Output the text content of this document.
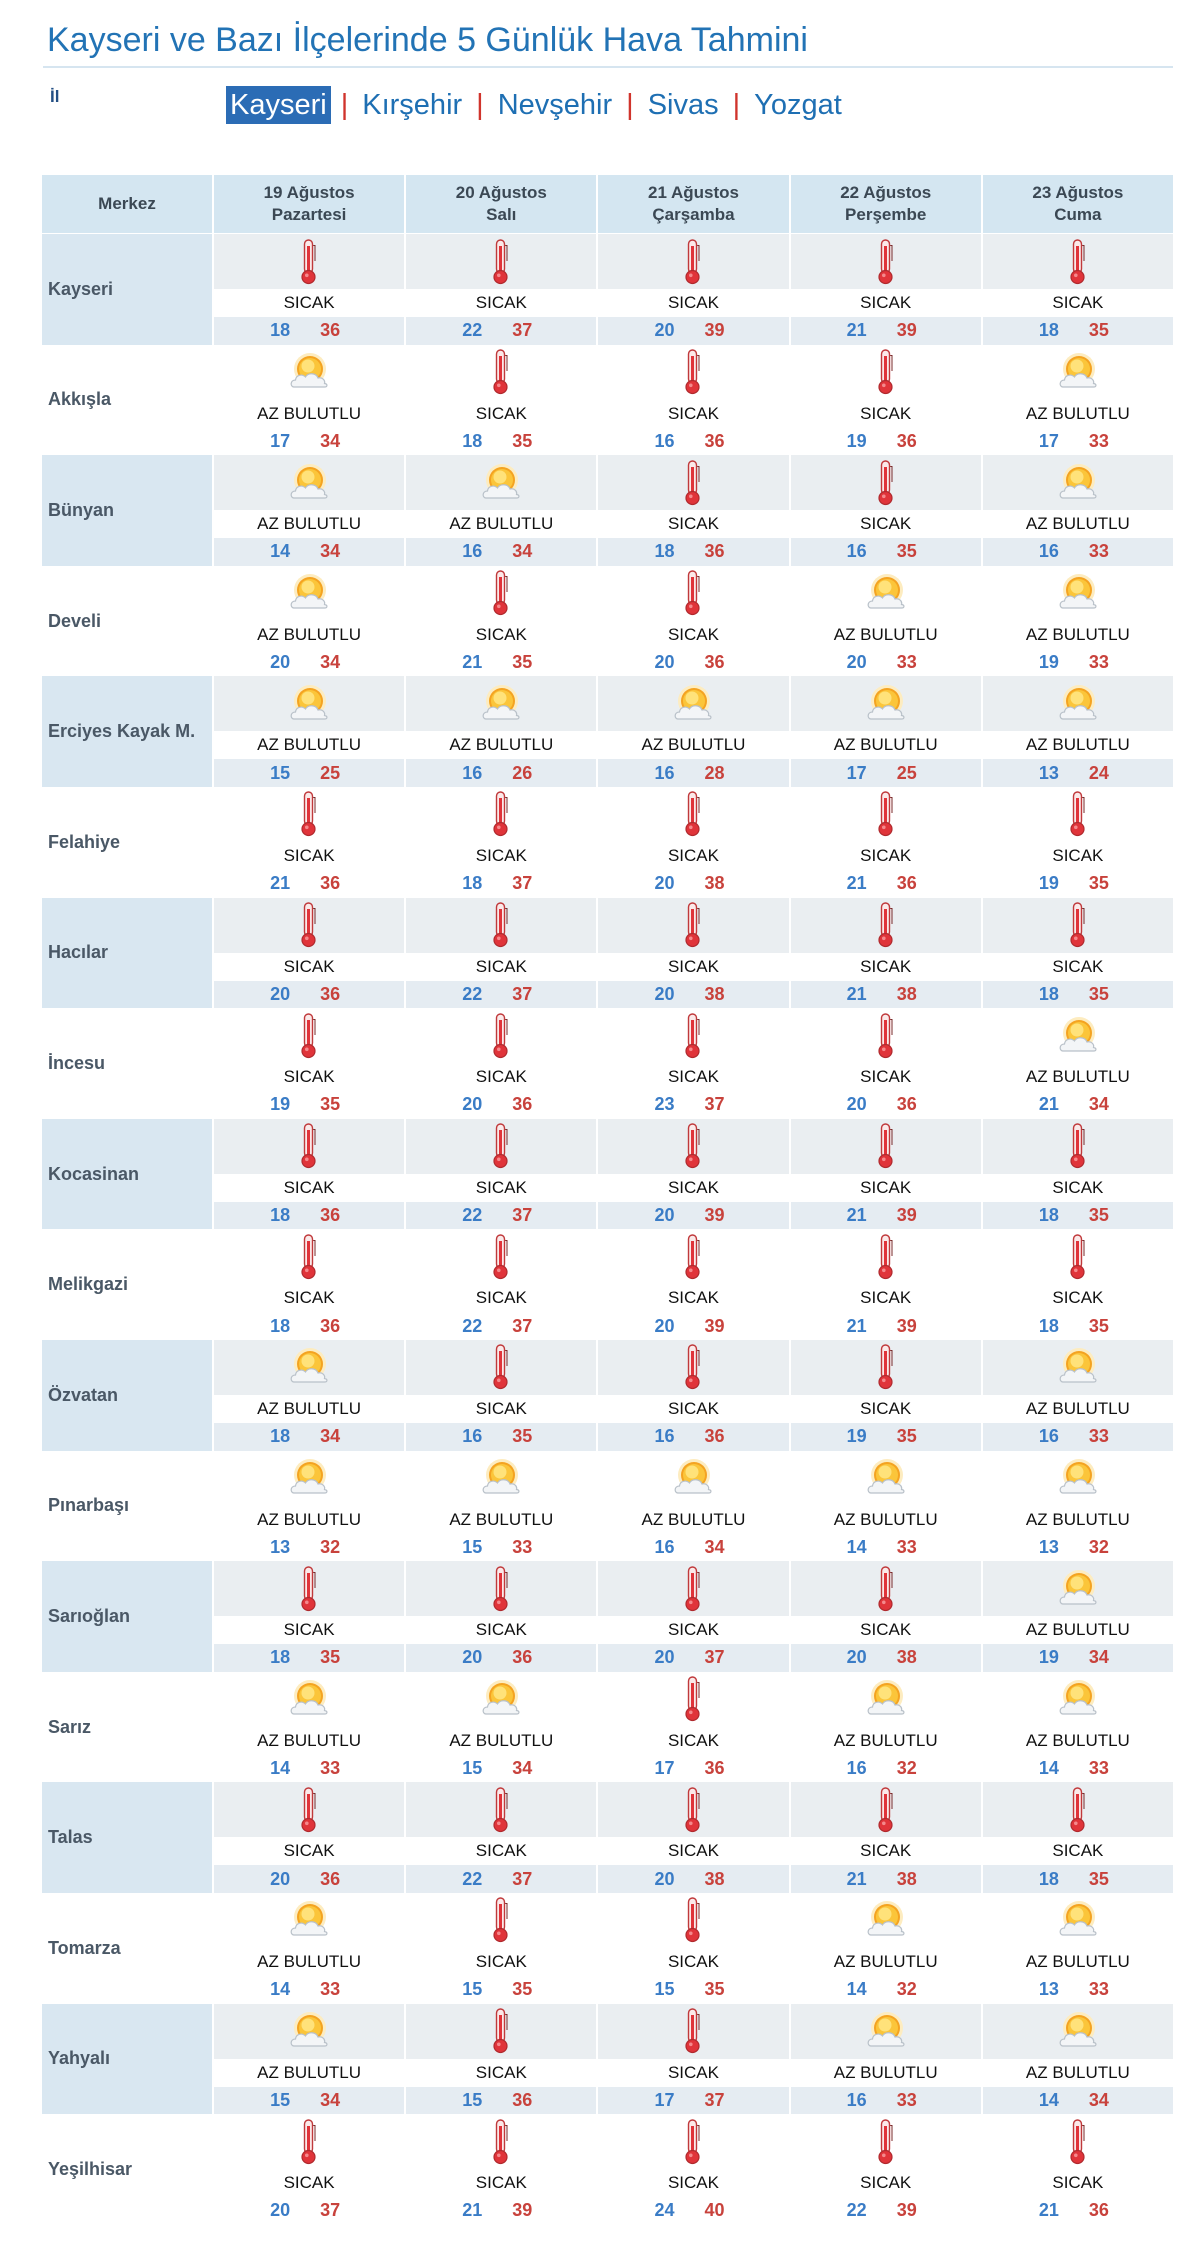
Kayseri ve Bazı İlçelerinde 5 Günlük Hava Tahmini
İl	Kayseri | Kırşehir | Nevşehir | Sivas | Yozgat
Merkez
19 Ağustos
Pazartesi
20 Ağustos
Salı
21 Ağustos
Çarşamba
22 Ağustos
Perşembe
23 Ağustos
Cuma
Kayseri
SICAK
18 36
SICAK
22 37
SICAK
20 39
SICAK
21 39
SICAK
18 35
Akkışla
AZ BULUTLU
17 34
SICAK
18 35
SICAK
16 36
SICAK
19 36
AZ BULUTLU
17 33
Bünyan
AZ BULUTLU
14 34
AZ BULUTLU
16 34
SICAK
18 36
SICAK
16 35
AZ BULUTLU
16 33
Develi
AZ BULUTLU
20 34
SICAK
21 35
SICAK
20 36
AZ BULUTLU
20 33
AZ BULUTLU
19 33
Erciyes Kayak M.
AZ BULUTLU
15 25
AZ BULUTLU
16 26
AZ BULUTLU
16 28
AZ BULUTLU
17 25
AZ BULUTLU
13 24
Felahiye
SICAK
21 36
SICAK
18 37
SICAK
20 38
SICAK
21 36
SICAK
19 35
Hacılar
SICAK
20 36
SICAK
22 37
SICAK
20 38
SICAK
21 38
SICAK
18 35
İncesu
SICAK
19 35
SICAK
20 36
SICAK
23 37
SICAK
20 36
AZ BULUTLU
21 34
Kocasinan
SICAK
18 36
SICAK
22 37
SICAK
20 39
SICAK
21 39
SICAK
18 35
Melikgazi
SICAK
18 36
SICAK
22 37
SICAK
20 39
SICAK
21 39
SICAK
18 35
Özvatan
AZ BULUTLU
18 34
SICAK
16 35
SICAK
16 36
SICAK
19 35
AZ BULUTLU
16 33
Pınarbaşı
AZ BULUTLU
13 32
AZ BULUTLU
15 33
AZ BULUTLU
16 34
AZ BULUTLU
14 33
AZ BULUTLU
13 32
Sarıoğlan
SICAK
18 35
SICAK
20 36
SICAK
20 37
SICAK
20 38
AZ BULUTLU
19 34
Sarız
AZ BULUTLU
14 33
AZ BULUTLU
15 34
SICAK
17 36
AZ BULUTLU
16 32
AZ BULUTLU
14 33
Talas
SICAK
20 36
SICAK
22 37
SICAK
20 38
SICAK
21 38
SICAK
18 35
Tomarza
AZ BULUTLU
14 33
SICAK
15 35
SICAK
15 35
AZ BULUTLU
14 32
AZ BULUTLU
13 33
Yahyalı
AZ BULUTLU
15 34
SICAK
15 36
SICAK
17 37
AZ BULUTLU
16 33
AZ BULUTLU
14 34
Yeşilhisar
SICAK
20 37
SICAK
21 39
SICAK
24 40
SICAK
22 39
SICAK
21 36
